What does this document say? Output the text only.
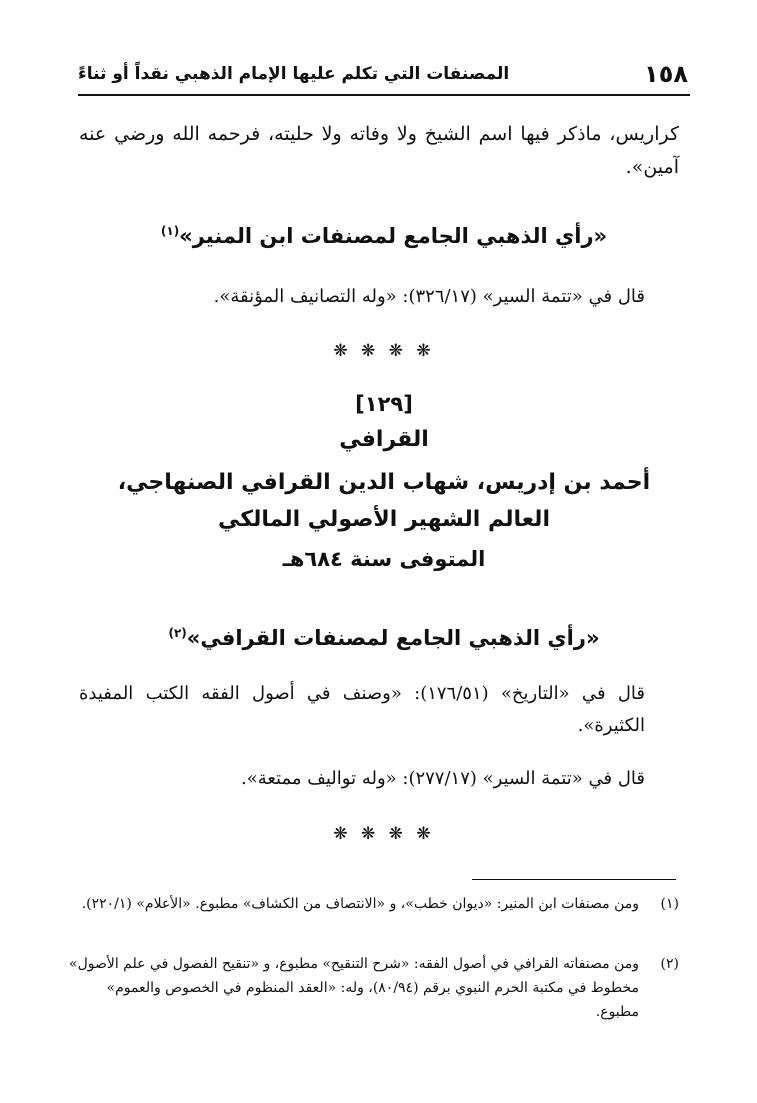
١٥٨
المصنفات التي تكلم عليها الإمام الذهبي نقداً أو ثناءً
كراريس، ماذكر فيها اسم الشيخ ولا وفاته ولا حليته، فرحمه الله ورضي عنه آمين».
«رأي الذهبي الجامع لمصنفات ابن المنير»$^{(١)}$
قال في «تتمة السير» (٣٢٦/١٧): «وله التصانيف المؤنقة».
❋ ❋ ❋ ❋
[١٢٩]
القرافي
أحمد بن إدريس، شهاب الدين القرافي الصنهاجي،
العالم الشهير الأصولي المالكي
المتوفى سنة ٦٨٤هـ
«رأي الذهبي الجامع لمصنفات القرافي»$^{(٢)}$
قال في «التاريخ» (١٧٦/٥١): «وصنف في أصول الفقه الكتب المفيدة الكثيرة».
قال في «تتمة السير» (٢٧٧/١٧): «وله تواليف ممتعة».
❋ ❋ ❋ ❋
(١)
ومن مصنفات ابن المنير: «ديوان خطب»، و «الانتصاف من الكشاف» مطبوع. «الأعلام» (٢٢٠/١).
(٢)
ومن مصنفاته القرافي في أصول الفقه: «شرح التنقيح» مطبوع، و «تنقيح الفصول في علم الأصول» مخطوط في مكتبة الحرم النبوي برقم (٨٠/٩٤)، وله: «العقد المنظوم في الخصوص والعموم» مطبوع.
